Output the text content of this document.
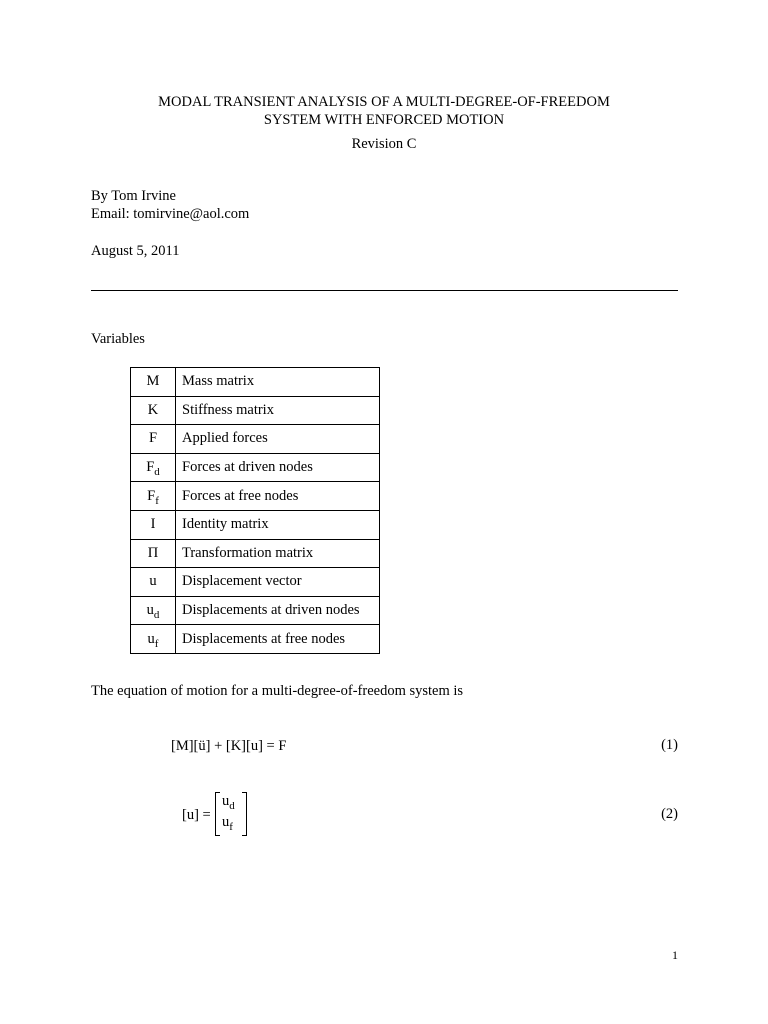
MODAL TRANSIENT ANALYSIS OF A MULTI-DEGREE-OF-FREEDOM
SYSTEM WITH ENFORCED MOTION
Revision C
By Tom Irvine
Email: tomirvine@aol.com
August 5, 2011
Variables
M	Mass matrix
K	Stiffness matrix
F	Applied forces
$F_d$	Forces at driven nodes
$F_f$	Forces at free nodes
I	Identity matrix
Π	Transformation matrix
u	Displacement vector
$u_d$	Displacements at driven nodes
$u_f$	Displacements at free nodes
The equation of motion for a multi-degree-of-freedom system is
[M][ü] + [K][u] = F	(1)
[u] =
$u_d$
$u_f$
(2)
1
